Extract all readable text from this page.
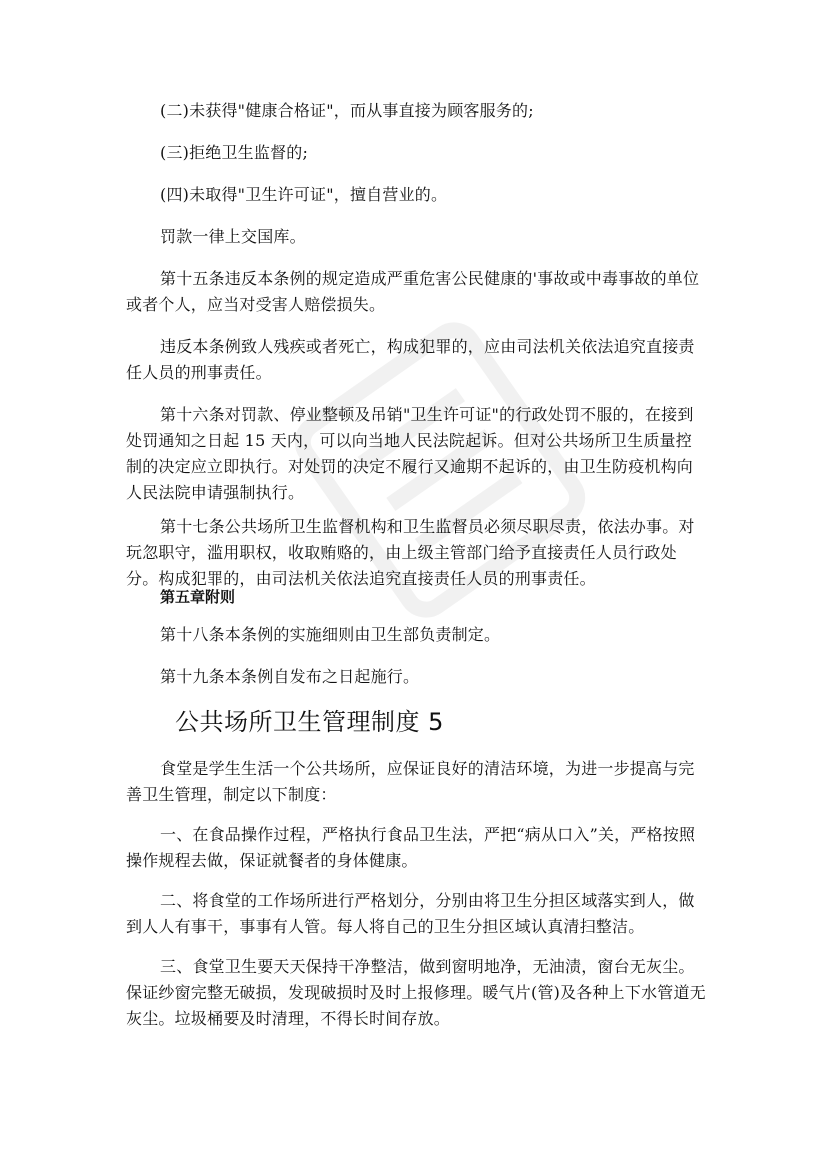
(二)未获得"健康合格证"，而从事直接为顾客服务的;

(三)拒绝卫生监督的;

(四)未取得"卫生许可证"，擅自营业的。

罚款一律上交国库。

第十五条违反本条例的规定造成严重危害公民健康的'事故或中毒事故的单位或者个人，应当对受害人赔偿损失。

违反本条例致人残疾或者死亡，构成犯罪的，应由司法机关依法追究直接责任人员的刑事责任。

第十六条对罚款、停业整顿及吊销"卫生许可证"的行政处罚不服的，在接到处罚通知之日起 15 天内，可以向当地人民法院起诉。但对公共场所卫生质量控制的决定应立即执行。对处罚的决定不履行又逾期不起诉的，由卫生防疫机构向人民法院申请强制执行。

第十七条公共场所卫生监督机构和卫生监督员必须尽职尽责，依法办事。对玩忽职守，滥用职权，收取贿赂的，由上级主管部门给予直接责任人员行政处分。构成犯罪的，由司法机关依法追究直接责任人员的刑事责任。

第五章附则

第十八条本条例的实施细则由卫生部负责制定。

第十九条本条例自发布之日起施行。

公共场所卫生管理制度 5

食堂是学生生活一个公共场所，应保证良好的清洁环境，为进一步提高与完善卫生管理，制定以下制度：

一、在食品操作过程，严格执行食品卫生法，严把“病从口入”关，严格按照操作规程去做，保证就餐者的身体健康。

二、将食堂的工作场所进行严格划分，分别由将卫生分担区域落实到人，做到人人有事干，事事有人管。每人将自己的卫生分担区域认真清扫整洁。

三、食堂卫生要天天保持干净整洁，做到窗明地净，无油渍，窗台无灰尘。保证纱窗完整无破损，发现破损时及时上报修理。暖气片(管)及各种上下水管道无灰尘。垃圾桶要及时清理，不得长时间存放。
